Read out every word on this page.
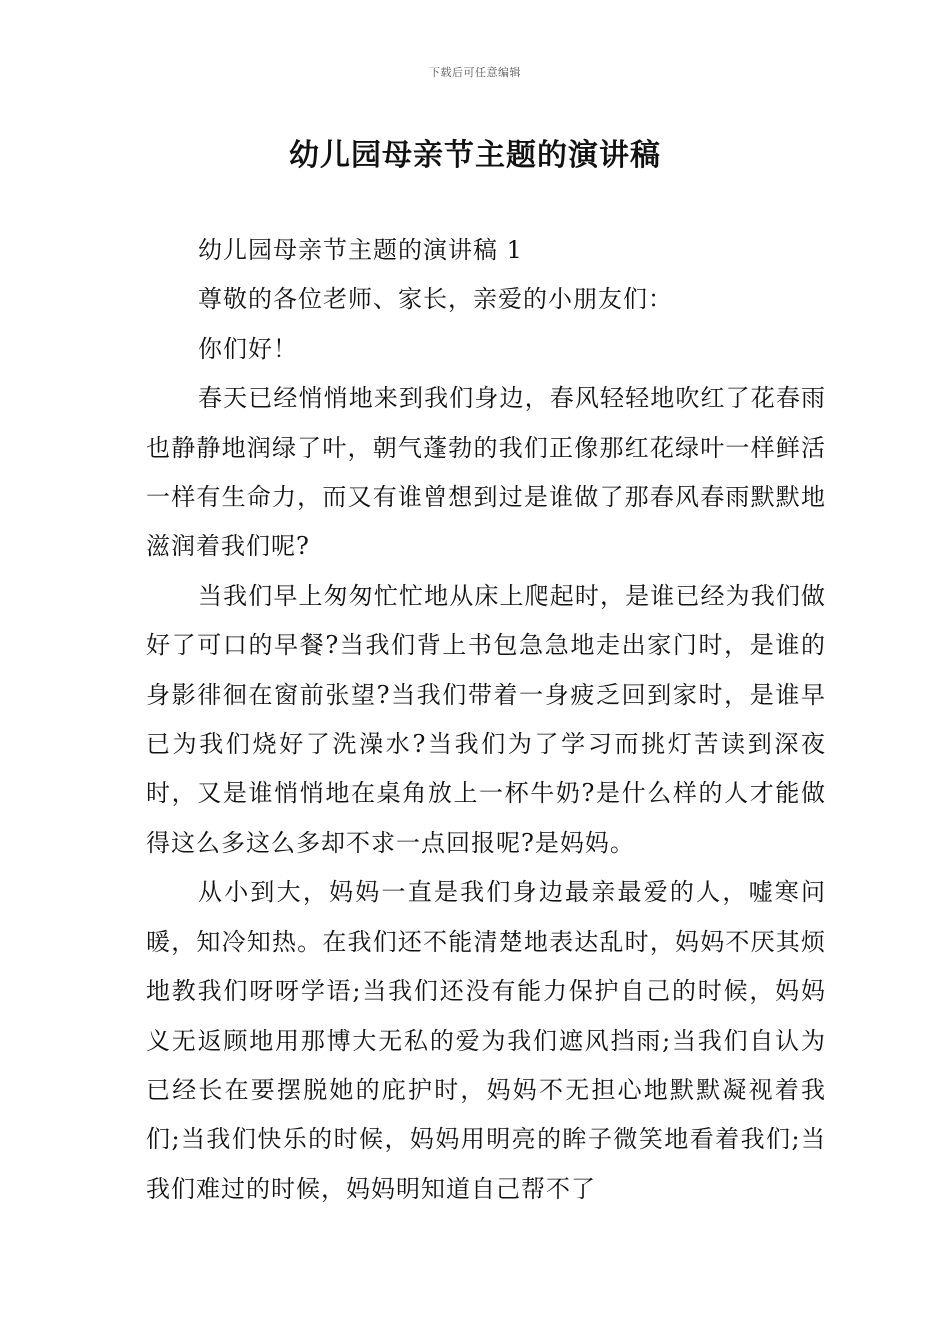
下载后可任意编辑
幼儿园母亲节主题的演讲稿

幼儿园母亲节主题的演讲稿 1

尊敬的各位老师、家长，亲爱的小朋友们：

你们好！

春天已经悄悄地来到我们身边，春风轻轻地吹红了花春雨也静静地润绿了叶，朝气蓬勃的我们正像那红花绿叶一样鲜活一样有生命力，而又有谁曾想到过是谁做了那春风春雨默默地滋润着我们呢?

当我们早上匆匆忙忙地从床上爬起时，是谁已经为我们做好了可口的早餐?当我们背上书包急急地走出家门时，是谁的身影徘徊在窗前张望?当我们带着一身疲乏回到家时，是谁早已为我们烧好了洗澡水?当我们为了学习而挑灯苦读到深夜时，又是谁悄悄地在桌角放上一杯牛奶?是什么样的人才能做得这么多这么多却不求一点回报呢?是妈妈。

从小到大，妈妈一直是我们身边最亲最爱的人，嘘寒问暖，知冷知热。在我们还不能清楚地表达乱时，妈妈不厌其烦地教我们呀呀学语;当我们还没有能力保护自己的时候，妈妈义无返顾地用那博大无私的爱为我们遮风挡雨;当我们自认为已经长在要摆脱她的庇护时，妈妈不无担心地默默凝视着我们;当我们快乐的时候，妈妈用明亮的眸子微笑地看着我们;当我们难过的时候，妈妈明知道自己帮不了
